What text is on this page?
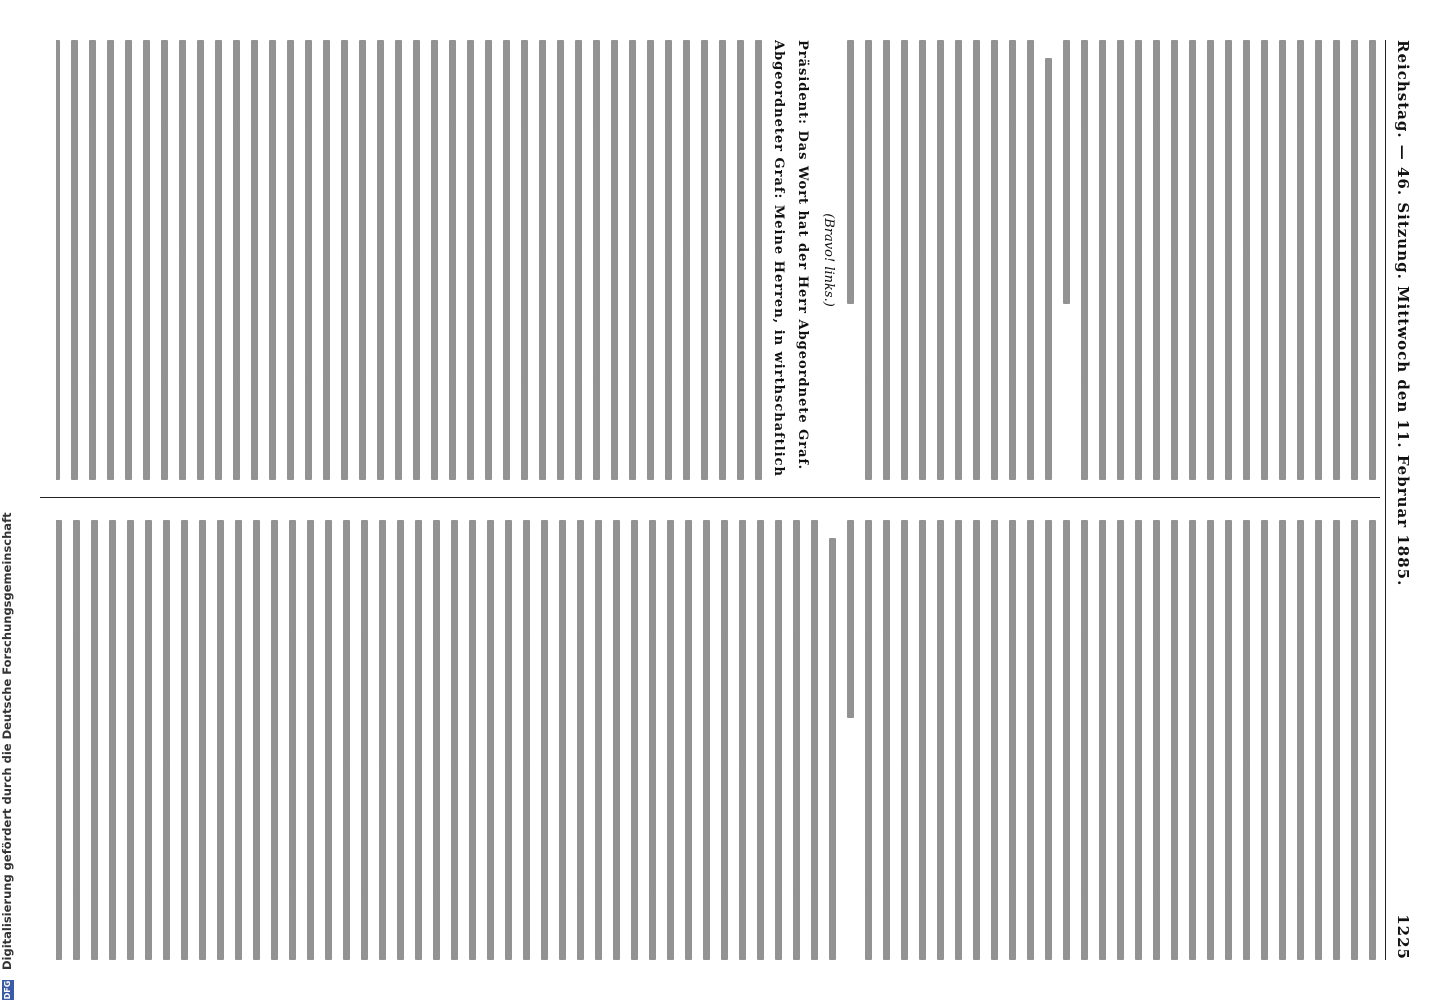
Reichstag. — 46. Sitzung. Mittwoch den 11. Februar 1885.
1225
(Bravo! links.)
Präsident: Das Wort hat der Herr Abgeordnete Graf.
Abgeordneter Graf: Meine Herren, in wirthschaftlich
DFG Digitalisierung gefördert durch die Deutsche Forschungsgemeinschaft
